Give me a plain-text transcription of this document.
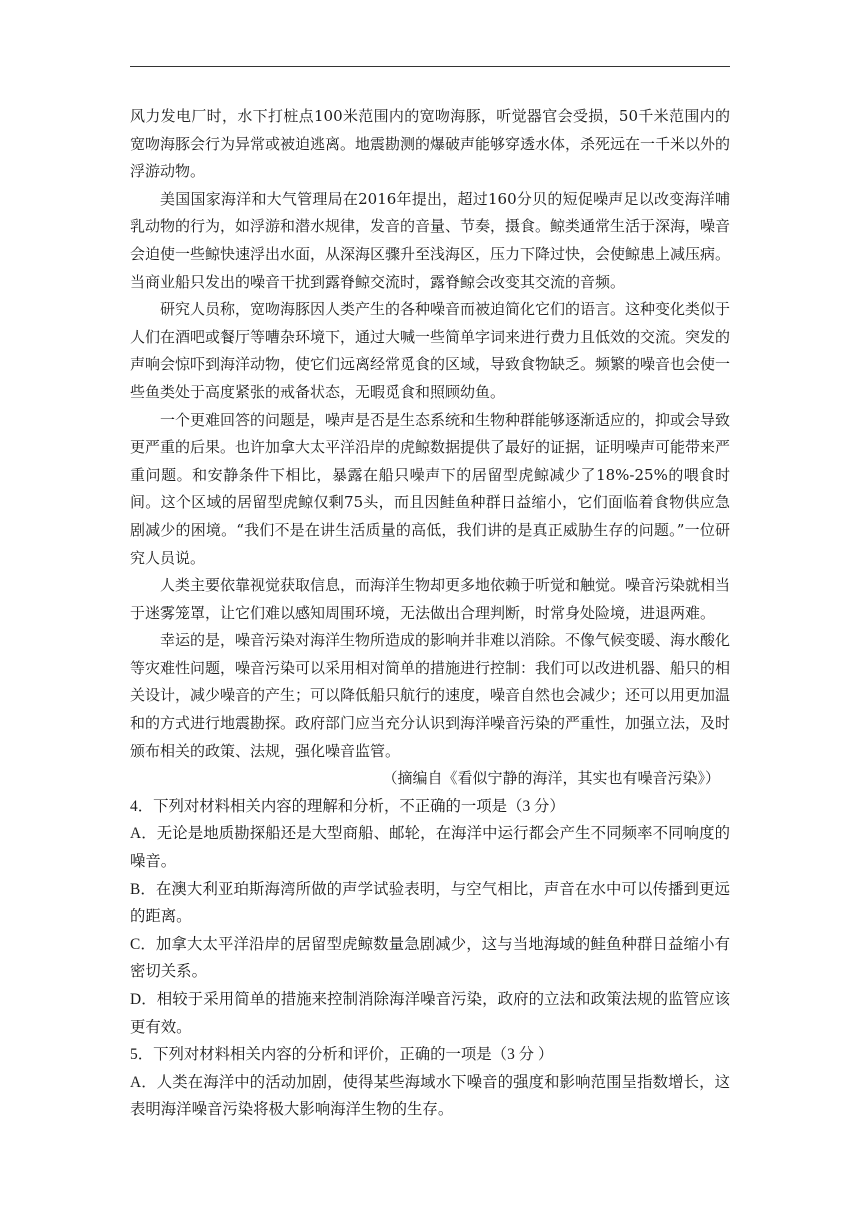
风力发电厂时，水下打桩点100米范围内的宽吻海豚，听觉器官会受损，50千米范围内的宽吻海豚会行为异常或被迫逃离。地震勘测的爆破声能够穿透水体，杀死远在一千米以外的浮游动物。

美国国家海洋和大气管理局在2016年提出，超过160分贝的短促噪声足以改变海洋哺乳动物的行为，如浮游和潜水规律，发音的音量、节奏，摄食。鲸类通常生活于深海，噪音会迫使一些鲸快速浮出水面，从深海区骤升至浅海区，压力下降过快，会使鲸患上减压病。当商业船只发出的噪音干扰到露脊鲸交流时，露脊鲸会改变其交流的音频。

研究人员称，宽吻海豚因人类产生的各种噪音而被迫简化它们的语言。这种变化类似于人们在酒吧或餐厅等嘈杂环境下，通过大喊一些简单字词来进行费力且低效的交流。突发的声响会惊吓到海洋动物，使它们远离经常觅食的区域，导致食物缺乏。频繁的噪音也会使一些鱼类处于高度紧张的戒备状态，无暇觅食和照顾幼鱼。

一个更难回答的问题是，噪声是否是生态系统和生物种群能够逐渐适应的，抑或会导致更严重的后果。也许加拿大太平洋沿岸的虎鲸数据提供了最好的证据，证明噪声可能带来严重问题。和安静条件下相比，暴露在船只噪声下的居留型虎鲸减少了18%-25%的喂食时间。这个区域的居留型虎鲸仅剩75头，而且因鲑鱼种群日益缩小，它们面临着食物供应急剧减少的困境。“我们不是在讲生活质量的高低，我们讲的是真正威胁生存的问题。”一位研究人员说。

人类主要依靠视觉获取信息，而海洋生物却更多地依赖于听觉和触觉。噪音污染就相当于迷雾笼罩，让它们难以感知周围环境，无法做出合理判断，时常身处险境，进退两难。

幸运的是，噪音污染对海洋生物所造成的影响并非难以消除。不像气候变暖、海水酸化等灾难性问题，噪音污染可以采用相对简单的措施进行控制：我们可以改进机器、船只的相关设计，减少噪音的产生；可以降低船只航行的速度，噪音自然也会减少；还可以用更加温和的方式进行地震勘探。政府部门应当充分认识到海洋噪音污染的严重性，加强立法，及时颁布相关的政策、法规，强化噪音监管。

（摘编自《看似宁静的海洋，其实也有噪音污染》）

4．下列对材料相关内容的理解和分析，不正确的一项是（3 分）

A．无论是地质勘探船还是大型商船、邮轮，在海洋中运行都会产生不同频率不同响度的噪音。

B．在澳大利亚珀斯海湾所做的声学试验表明，与空气相比，声音在水中可以传播到更远的距离。

C．加拿大太平洋沿岸的居留型虎鲸数量急剧减少，这与当地海域的鲑鱼种群日益缩小有密切关系。

D．相较于采用简单的措施来控制消除海洋噪音污染，政府的立法和政策法规的监管应该更有效。

5．下列对材料相关内容的分析和评价，正确的一项是（3 分 ）

A．人类在海洋中的活动加剧，使得某些海域水下噪音的强度和影响范围呈指数增长，这表明海洋噪音污染将极大影响海洋生物的生存。
